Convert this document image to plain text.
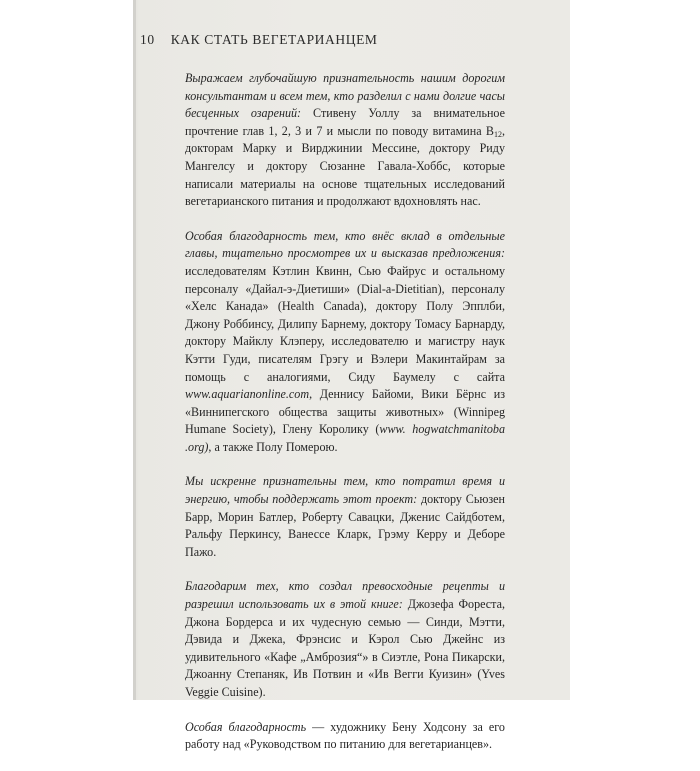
10 КАК СТАТЬ ВЕГЕТАРИАНЦЕМ

Выражаем глубочайшую признательность нашим дорогим консультантам и всем тем, кто разделил с нами долгие часы бесценных озарений: Стивену Уоллу за внимательное прочтение глав 1, 2, 3 и 7 и мысли по поводу витамина $B_{12}$, докторам Марку и Вирджинии Мессине, доктору Риду Мангелсу и доктору Сюзанне Гавала-Хоббс, которые написали материалы на основе тщательных исследований вегетарианского питания и продолжают вдохновлять нас.

Особая благодарность тем, кто внёс вклад в отдельные главы, тщательно просмотрев их и высказав предложения: исследователям Кэтлин Квинн, Сью Файрус и остальному персоналу «Дайал-э-Диетиши» (Dial-a-Dietitian), персоналу «Хелс Канада» (Health Canada), доктору Полу Эпплби, Джону Роббинсу, Дилипу Барнему, доктору Томасу Барнарду, доктору Майклу Клэперу, исследователю и магистру наук Кэтти Гуди, писателям Грэгу и Вэлери Макинтайрам за помощь с аналогиями, Сиду Баумелу с сайта www.aquarianonline.com, Деннису Байоми, Вики Бёрнс из «Виннипегского общества защиты животных» (Winnipeg Humane Society), Глену Королику (www. hogwatchmanitoba .org), а также Полу Померою.

Мы искренне признательны тем, кто потратил время и энергию, чтобы поддержать этот проект: доктору Сьюзен Барр, Морин Батлер, Роберту Савацки, Дженис Сайдботем, Ральфу Перкинсу, Ванессе Кларк, Грэму Керру и Деборе Пажо.

Благодарим тех, кто создал превосходные рецепты и разрешил использовать их в этой книге: Джозефа Фореста, Джона Бордерса и их чудесную семью — Синди, Мэтти, Дэвида и Джека, Фрэнсис и Кэрол Сью Джейнс из удивительного «Кафе „Амброзия“» в Сиэтле, Рона Пикарски, Джоанну Степаняк, Ив Потвин и «Ив Вегги Куизин» (Yves Veggie Cuisine).

Особая благодарность — художнику Бену Ходсону за его работу над «Руководством по питанию для вегетарианцев».
